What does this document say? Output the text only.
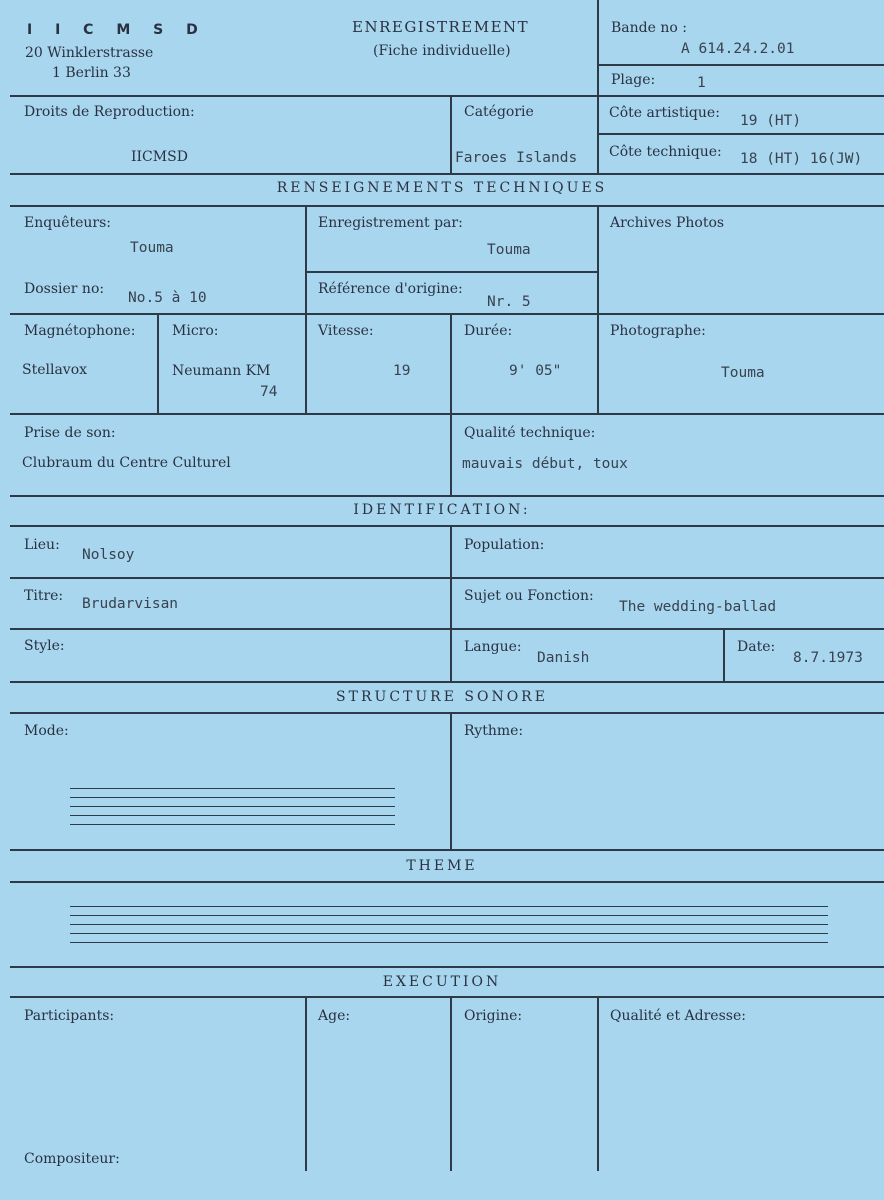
I I C M S D
20 Winklerstrasse
1 Berlin 33
ENREGISTREMENT
(Fiche individuelle)
Bande no :
A 614.24.2.01
Plage:	1
Droits de Reproduction:
IICMSD
Catégorie
Faroes Islands
Côte artistique: 19 (HT)
Côte technique: 18 (HT) 16(JW)
RENSEIGNEMENTS TECHNIQUES
Enquêteurs:
Touma
Enregistrement par:
Touma
Archives Photos
Dossier no:
No.5 à 10
Référence d'origine:
Nr. 5
Magnétophone:
Stellavox
Micro:
Neumann KM
74
Vitesse:
19
Durée:
9' 05"
Photographe:
Touma
Prise de son:
Clubraum du Centre Culturel
Qualité technique:
mauvais début, toux
IDENTIFICATION:
Lieu:
Nolsoy
Population:
Titre: Brudarvisan	Sujet ou Fonction:
The wedding-ballad
Style:	Langue:
Danish
Date:
8.7.1973
STRUCTURE SONORE
Mode:	Rythme:
THEME
EXECUTION
Participants:	Age:	Origine:	Qualité et Adresse:
Compositeur:
